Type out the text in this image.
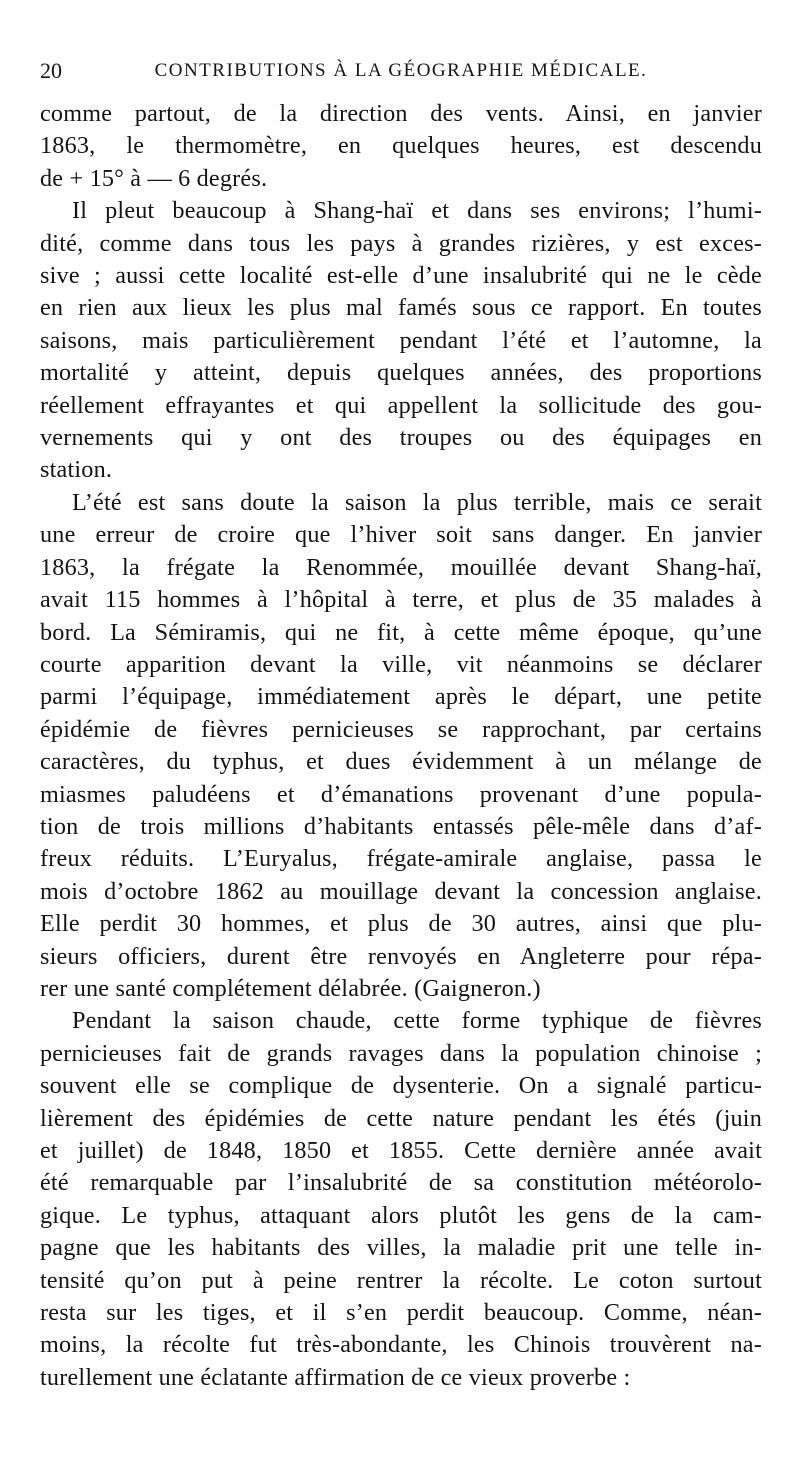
20	CONTRIBUTIONS À LA GÉOGRAPHIE MÉDICALE.
comme partout, de la direction des vents. Ainsi, en janvier
1863, le thermomètre, en quelques heures, est descendu
de + 15° à — 6 degrés.
Il pleut beaucoup à Shang-haï et dans ses environs; l’humi-
dité, comme dans tous les pays à grandes rizières, y est exces-
sive ; aussi cette localité est-elle d’une insalubrité qui ne le cède
en rien aux lieux les plus mal famés sous ce rapport. En toutes
saisons, mais particulièrement pendant l’été et l’automne, la
mortalité y atteint, depuis quelques années, des proportions
réellement effrayantes et qui appellent la sollicitude des gou-
vernements qui y ont des troupes ou des équipages en
station.
L’été est sans doute la saison la plus terrible, mais ce serait
une erreur de croire que l’hiver soit sans danger. En janvier
1863, la frégate la Renommée, mouillée devant Shang-haï,
avait 115 hommes à l’hôpital à terre, et plus de 35 malades à
bord. La Sémiramis, qui ne fit, à cette même époque, qu’une
courte apparition devant la ville, vit néanmoins se déclarer
parmi l’équipage, immédiatement après le départ, une petite
épidémie de fièvres pernicieuses se rapprochant, par certains
caractères, du typhus, et dues évidemment à un mélange de
miasmes paludéens et d’émanations provenant d’une popula-
tion de trois millions d’habitants entassés pêle-mêle dans d’af-
freux réduits. L’Euryalus, frégate-amirale anglaise, passa le
mois d’octobre 1862 au mouillage devant la concession anglaise.
Elle perdit 30 hommes, et plus de 30 autres, ainsi que plu-
sieurs officiers, durent être renvoyés en Angleterre pour répa-
rer une santé complétement délabrée. (Gaigneron.)
Pendant la saison chaude, cette forme typhique de fièvres
pernicieuses fait de grands ravages dans la population chinoise ;
souvent elle se complique de dysenterie. On a signalé particu-
lièrement des épidémies de cette nature pendant les étés (juin
et juillet) de 1848, 1850 et 1855. Cette dernière année avait
été remarquable par l’insalubrité de sa constitution météorolo-
gique. Le typhus, attaquant alors plutôt les gens de la cam-
pagne que les habitants des villes, la maladie prit une telle in-
tensité qu’on put à peine rentrer la récolte. Le coton surtout
resta sur les tiges, et il s’en perdit beaucoup. Comme, néan-
moins, la récolte fut très-abondante, les Chinois trouvèrent na-
turellement une éclatante affirmation de ce vieux proverbe :
